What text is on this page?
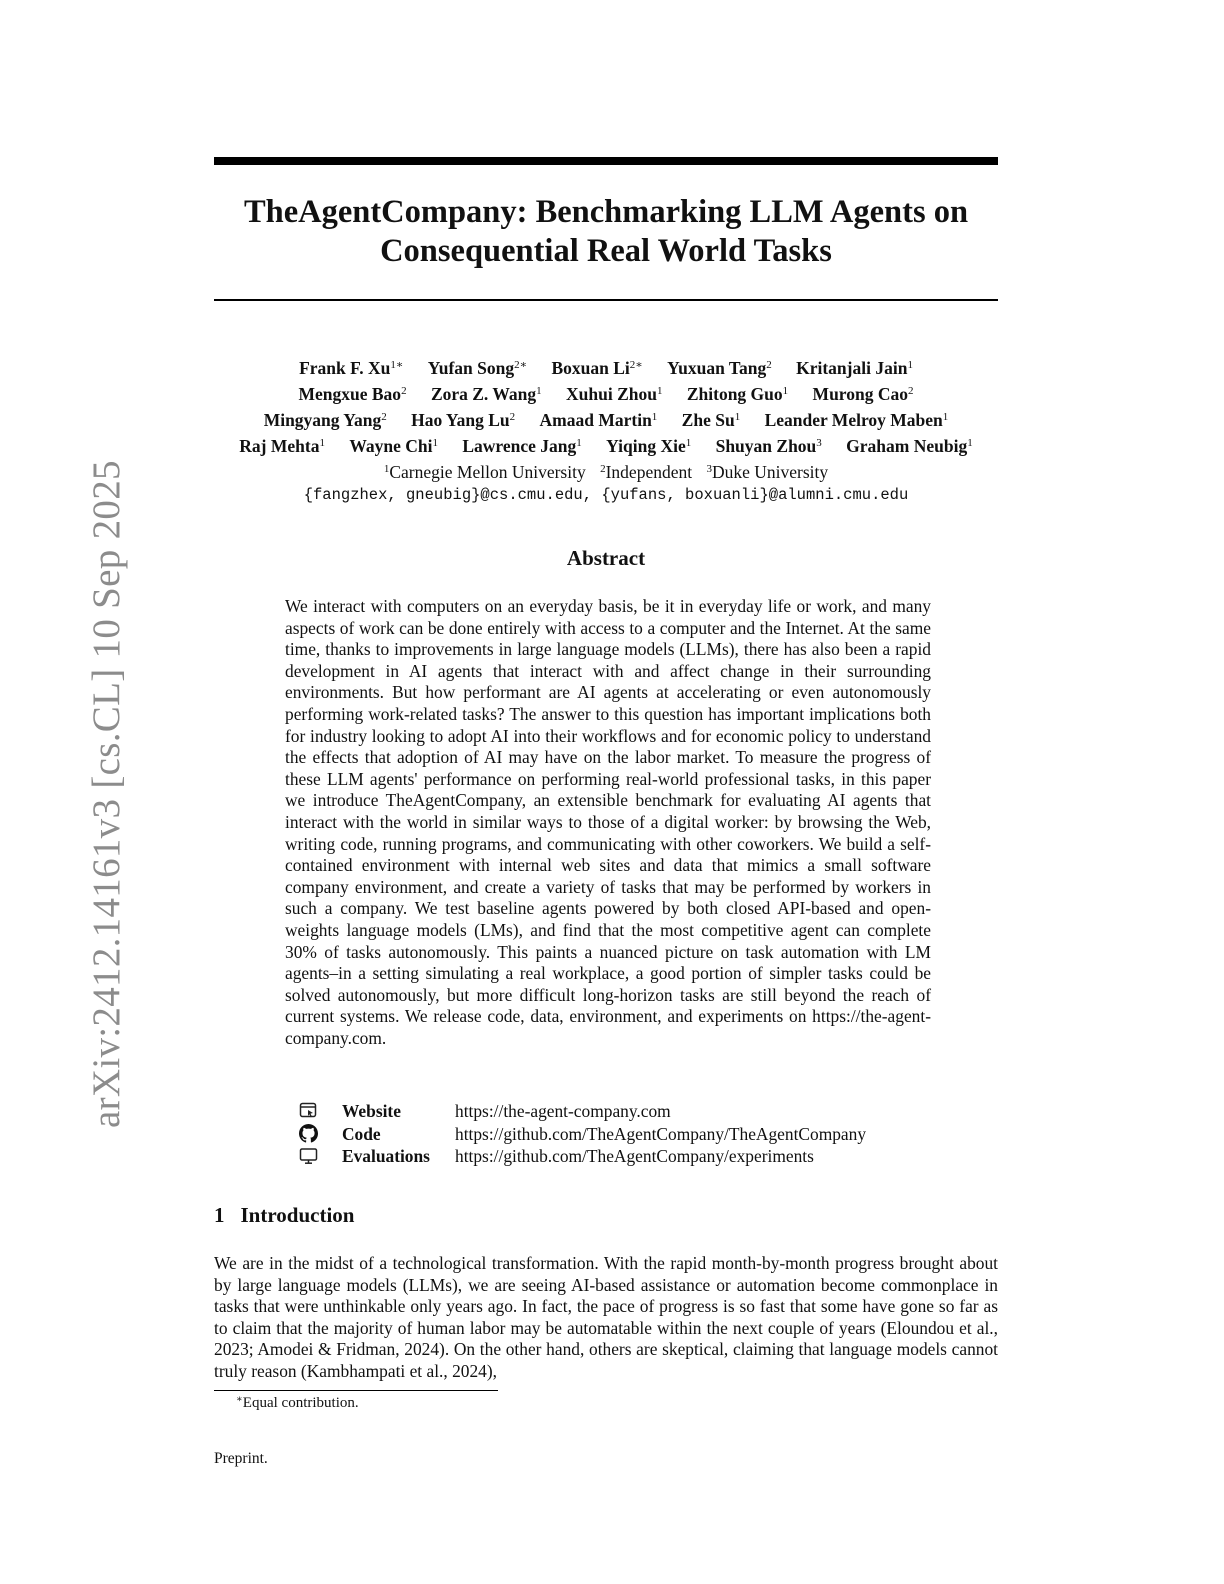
arXiv:2412.14161v3 [cs.CL] 10 Sep 2025
TheAgentCompany: Benchmarking LLM Agents on
Consequential Real World Tasks
Frank F. $Xu^{1∗}$ Yufan Song$^{2∗}$ Boxuan $Li^{2∗}$ Yuxuan Tang$^2$ Kritanjali Jain$^1$
Mengxue Bao$^2$ Zora Z. Wang$^1$ Xuhui Zhou$^1$ Zhitong Guo$^1$ Murong Cao$^2$
Mingyang Yang$^2$ Hao Yang Lu$^2$ Amaad Martin$^1$ Zhe Su$^1$ Leander Melroy Maben$^1$
Raj Mehta$^1$ Wayne Chi$^1$ Lawrence Jang$^1$ Yiqing Xie$^1$ Shuyan Zhou$^3$ Graham Neubig$^1$
$^1$Carnegie Mellon University $^2$Independent $^3$Duke University
{fangzhex, gneubig}@cs.cmu.edu, {yufans, boxuanli}@alumni.cmu.edu
Abstract

We interact with computers on an everyday basis, be it in everyday life or work, and many aspects of work can be done entirely with access to a computer and the Internet. At the same time, thanks to improvements in large language models (LLMs), there has also been a rapid development in AI agents that interact with and affect change in their surrounding environments. But how performant are AI agents at accelerating or even autonomously performing work-related tasks? The answer to this question has important implications both for industry looking to adopt AI into their workflows and for economic policy to understand the effects that adoption of AI may have on the labor market. To measure the progress of these LLM agents' performance on performing real-world professional tasks, in this paper we introduce TheAgentCompany, an extensible benchmark for evaluating AI agents that interact with the world in similar ways to those of a digital worker: by browsing the Web, writing code, running programs, and communicating with other coworkers. We build a self-contained environment with internal web sites and data that mimics a small software company environment, and create a variety of tasks that may be performed by workers in such a company. We test baseline agents powered by both closed API-based and open-weights language models (LMs), and find that the most competitive agent can complete 30% of tasks autonomously. This paints a nuanced picture on task automation with LM agents–in a setting simulating a real workplace, a good portion of simpler tasks could be solved autonomously, but more difficult long-horizon tasks are still beyond the reach of current systems. We release code, data, environment, and experiments on https://the-agent-company.com.

Website	https://the-agent-company.com
Code	https://github.com/TheAgentCompany/TheAgentCompany
Evaluations	https://github.com/TheAgentCompany/experiments
1 Introduction

We are in the midst of a technological transformation. With the rapid month-by-month progress brought about by large language models (LLMs), we are seeing AI-based assistance or automation become commonplace in tasks that were unthinkable only years ago. In fact, the pace of progress is so fast that some have gone so far as to claim that the majority of human labor may be automatable within the next couple of years (Eloundou et al., 2023; Amodei & Fridman, 2024). On the other hand, others are skeptical, claiming that language models cannot truly reason (Kambhampati et al., 2024),

∗Equal contribution.
Preprint.
